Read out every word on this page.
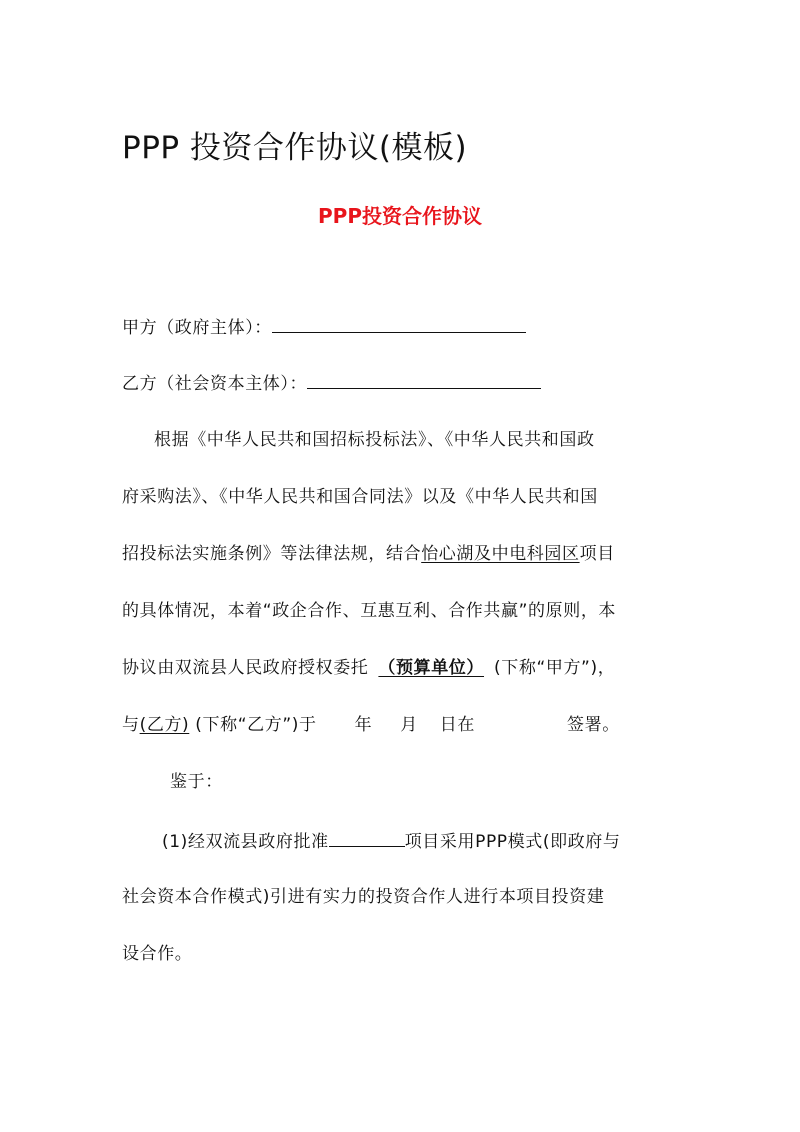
PPP 投资合作协议(模板)
PPP投资合作协议
甲方（政府主体）：
乙方（社会资本主体）：
根据《中华人民共和国招标投标法》、《中华人民共和国政
府采购法》、《中华人民共和国合同法》以及《中华人民共和国
招投标法实施条例》等法律法规，结合怡心湖及中电科园区项目
的具体情况，本着“政企合作、互惠互利、合作共赢”的原则，本
协议由双流县人民政府授权委托 （预算单位） (下称“甲方”)，
与(乙方) (下称“乙方”)于 年 月 日在	签署。
鉴于：
(1)经双流县政府批准	项目采用PPP模式(即政府与
社会资本合作模式)引进有实力的投资合作人进行本项目投资建
设合作。
